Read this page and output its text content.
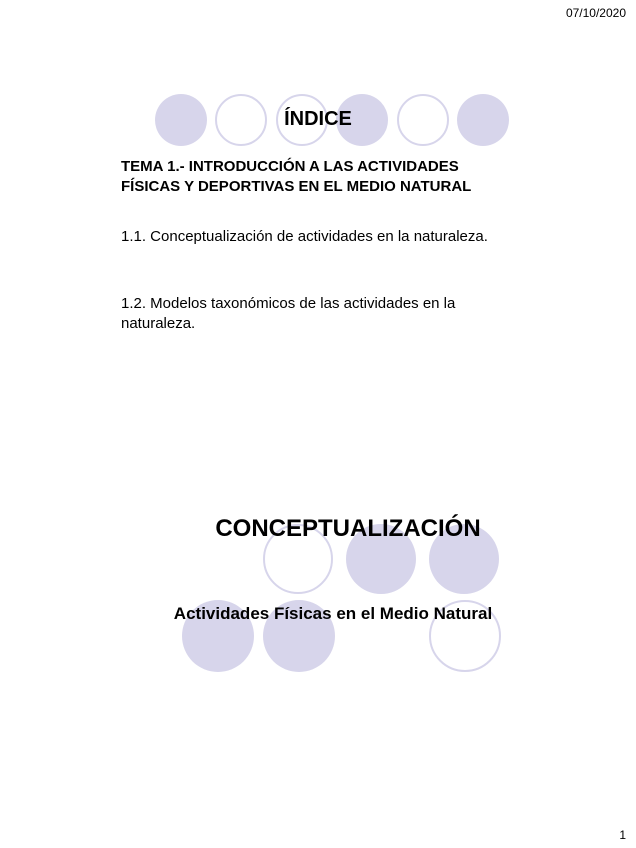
07/10/2020
ÍNDICE
TEMA 1.- INTRODUCCIÓN A LAS ACTIVIDADES FÍSICAS Y DEPORTIVAS EN EL MEDIO NATURAL
1.1. Conceptualización de actividades en la naturaleza.
1.2. Modelos taxonómicos de las actividades en la naturaleza.
CONCEPTUALIZACIÓN
Actividades Físicas en el Medio Natural
1
